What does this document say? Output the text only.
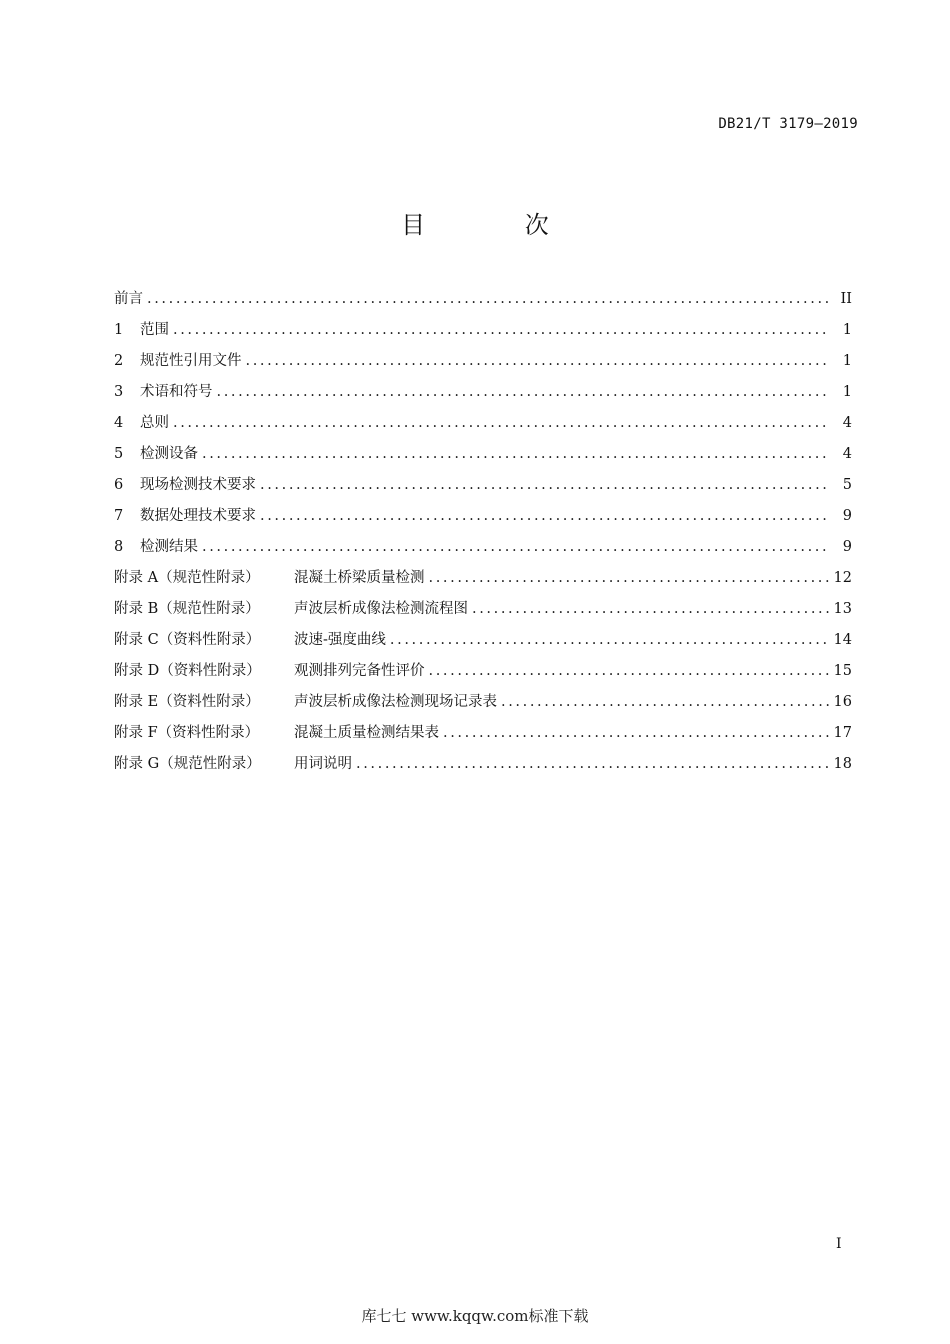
DB21/T 3179—2019
目 次
前言 .....	II
1	范围 .....	1
2	规范性引用文件 .....	1
3	术语和符号 .....	1
4	总则 .....	4
5	检测设备 .....	4
6	现场检测技术要求 .....	5
7	数据处理技术要求 .....	9
8	检测结果 .....	9
附录 A（规范性附录）	混凝土桥梁质量检测 .....	12
附录 B（规范性附录）	声波层析成像法检测流程图 .....	13
附录 C（资料性附录）	波速-强度曲线 .....	14
附录 D（资料性附录）	观测排列完备性评价 .....	15
附录 E（资料性附录）	声波层析成像法检测现场记录表 .....	16
附录 F（资料性附录）	混凝土质量检测结果表 .....	17
附录 G（规范性附录）	用词说明 .....	18
I
库七七 www.kqqw.com标准下载
